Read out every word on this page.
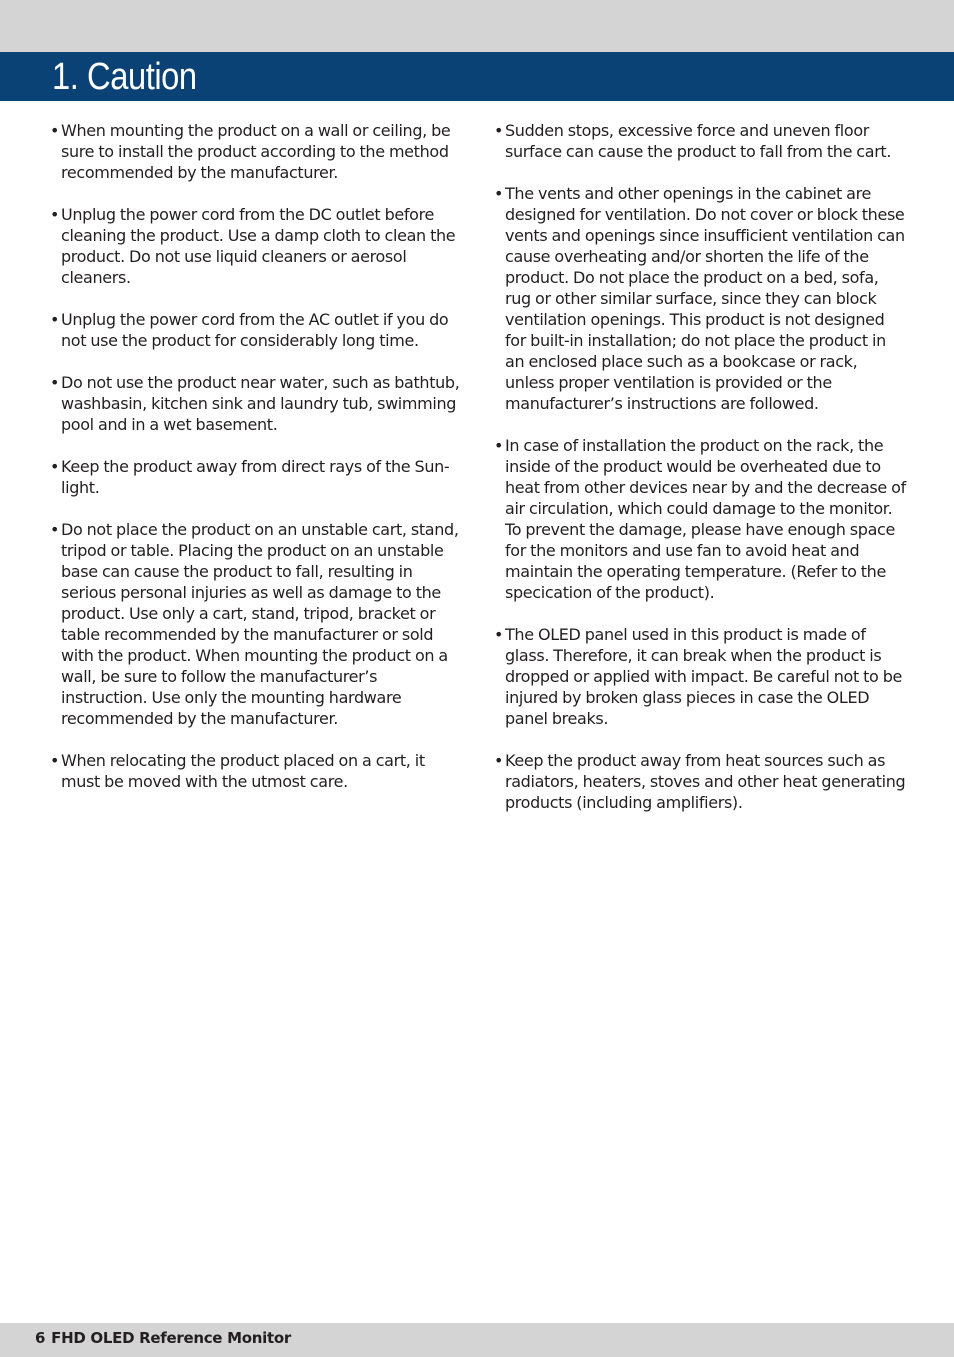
1. Caution
• When mounting the product on a wall or ceiling, be sure to install the product according to the method recommended by the manufacturer.
• Unplug the power cord from the DC outlet before cleaning the product. Use a damp cloth to clean the product. Do not use liquid cleaners or aerosol cleaners.
• Unplug the power cord from the AC outlet if you do not use the product for considerably long time.
• Do not use the product near water, such as bathtub, washbasin, kitchen sink and laundry tub, swimming pool and in a wet basement.
• Keep the product away from direct rays of the Sun-light.
• Do not place the product on an unstable cart, stand, tripod or table. Placing the product on an unstable base can cause the product to fall, resulting in serious personal injuries as well as damage to the product. Use only a cart, stand, tripod, bracket or table recommended by the manufacturer or sold with the product. When mounting the product on a wall, be sure to follow the manufacturer’s instruction. Use only the mounting hardware recommended by the manufacturer.
• When relocating the product placed on a cart, it must be moved with the utmost care.
• Sudden stops, excessive force and uneven floor surface can cause the product to fall from the cart.
• The vents and other openings in the cabinet are designed for ventilation. Do not cover or block these vents and openings since insufficient ventilation can cause overheating and/or shorten the life of the product. Do not place the product on a bed, sofa, rug or other similar surface, since they can block ventilation openings. This product is not designed for built-in installation; do not place the product in an enclosed place such as a bookcase or rack, unless proper ventilation is provided or the manufacturer’s instructions are followed.
• In case of installation the product on the rack, the inside of the product would be overheated due to heat from other devices near by and the decrease of air circulation, which could damage to the monitor. To prevent the damage, please have enough space for the monitors and use fan to avoid heat and maintain the operating temperature. (Refer to the specication of the product).
• The OLED panel used in this product is made of glass. Therefore, it can break when the product is dropped or applied with impact. Be careful not to be injured by broken glass pieces in case the OLED panel breaks.
• Keep the product away from heat sources such as radiators, heaters, stoves and other heat generating products (including amplifiers).
6 FHD OLED Reference Monitor
